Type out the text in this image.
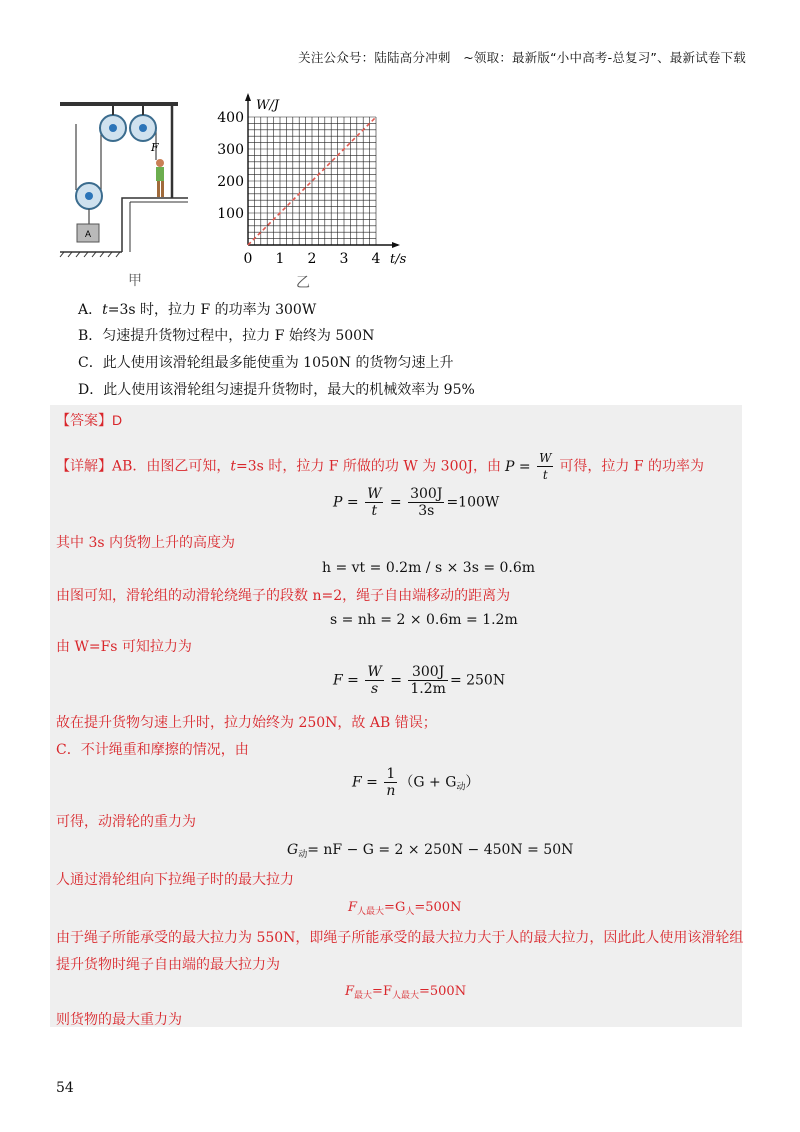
关注公众号：陆陆高分冲刺　~领取：最新版“小中高考-总复习”、最新试卷下载
A
F
甲
0 1 2 3 4
100
200
300
400
W/J
t/s
乙
A．t=3s 时，拉力 F 的功率为 300W
B．匀速提升货物过程中，拉力 F 始终为 500N
C．此人使用该滑轮组最多能使重为 1050N 的货物匀速上升
D．此人使用该滑轮组匀速提升货物时，最大的机械效率为 95%
【答案】D
【详解】AB．由图乙可知，t=3s 时，拉力 F 所做的功 W 为 300J，由 $P = \frac{W}{t}$ 可得，拉力 F 的功率为
$P = \frac{W}{t} = \frac{300J}{3s} =100W$
其中 3s 内货物上升的高度为
h = vt = 0.2m / s × 3s = 0.6m
由图可知，滑轮组的动滑轮绕绳子的段数 n=2，绳子自由端移动的距离为
s = nh = 2 × 0.6m = 1.2m
由 W=Fs 可知拉力为
$F = \frac{W}{s} = \frac{300J}{1.2m} = 250N$
故在提升货物匀速上升时，拉力始终为 250N，故 AB 错误；
C．不计绳重和摩擦的情况，由
$F = \frac{1}{n} (G + G_动)$
可得，动滑轮的重力为
$G_动=$ nF − G = 2 × 250N − 450N = 50N
人通过滑轮组向下拉绳子时的最大拉力
$F_{人最大}=G_人=500N$
由于绳子所能承受的最大拉力为 550N，即绳子所能承受的最大拉力大于人的最大拉力，因此此人使用该滑轮组
提升货物时绳子自由端的最大拉力为
$F_{最大}=F_{人最大}=500N$
则货物的最大重力为
54
